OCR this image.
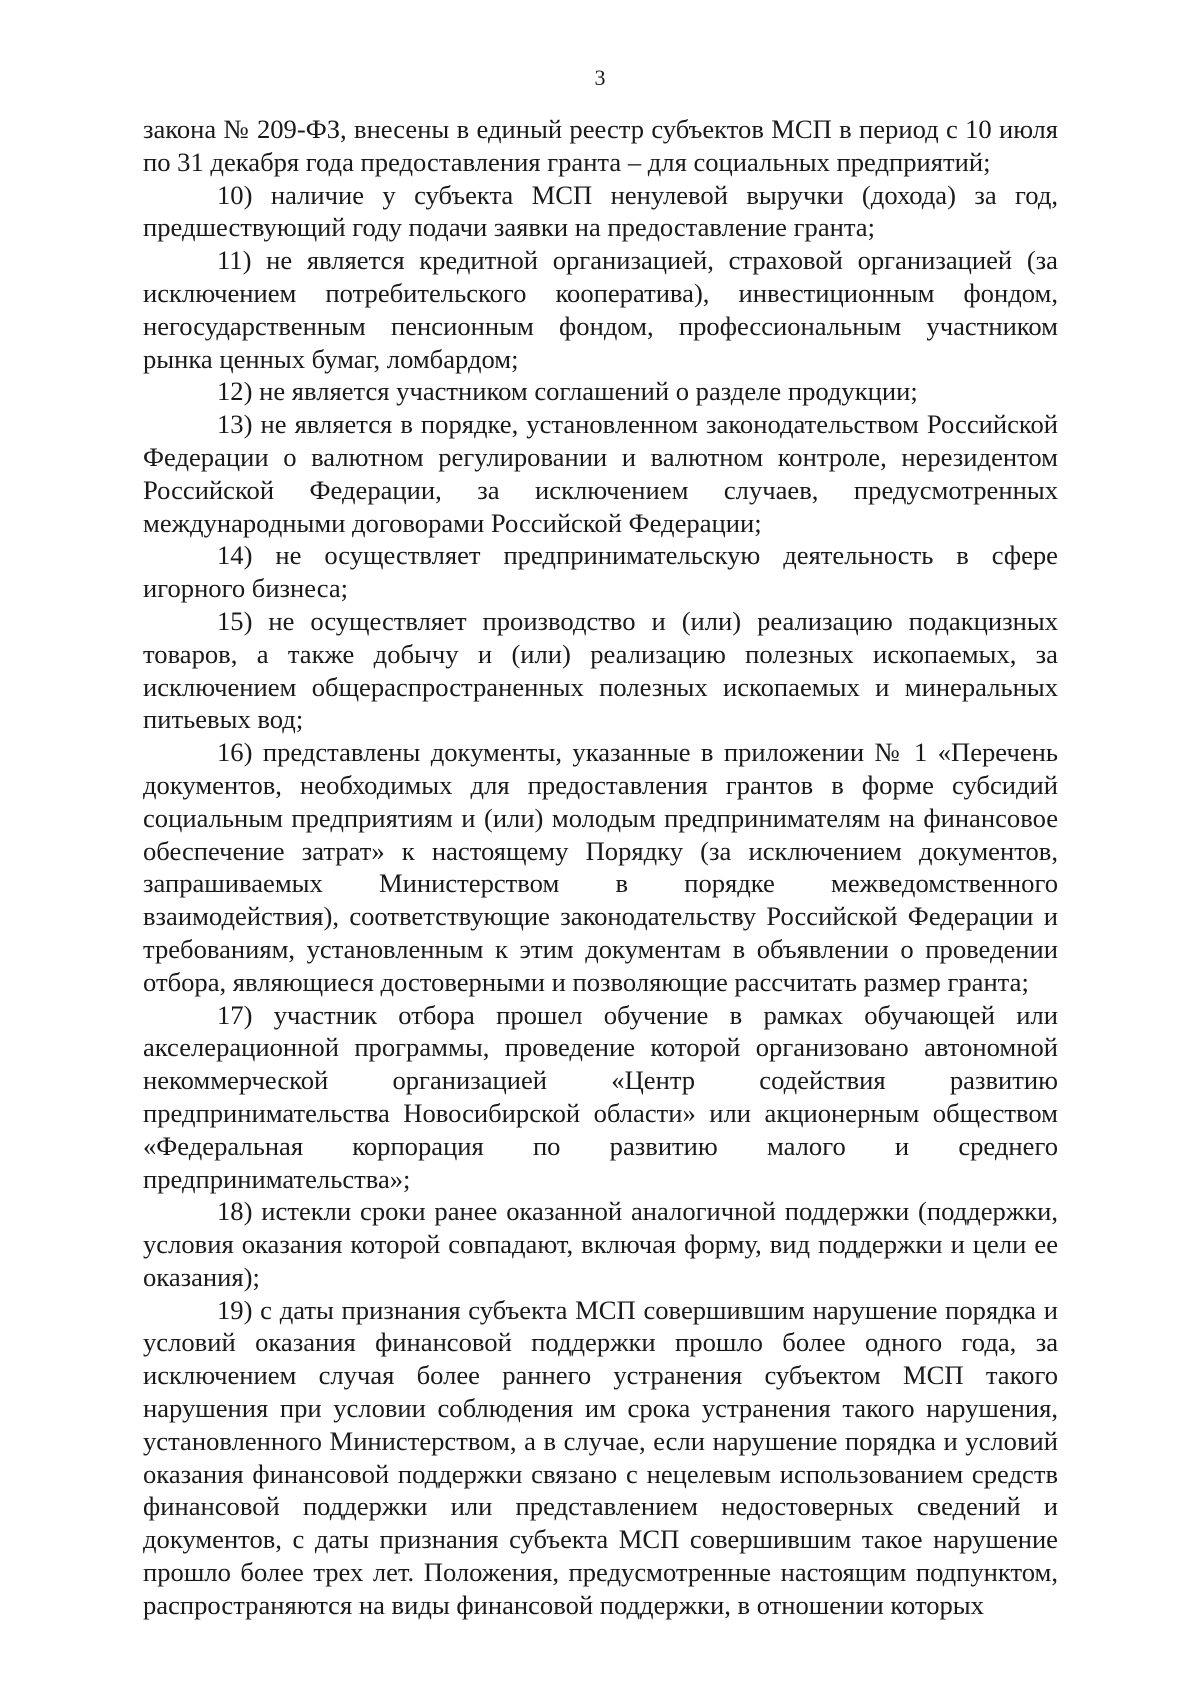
3

закона № 209-ФЗ, внесены в единый реестр субъектов МСП в период с 10 июля по 31 декабря года предоставления гранта – для социальных предприятий;

10) наличие у субъекта МСП ненулевой выручки (дохода) за год, предшествующий году подачи заявки на предоставление гранта;

11) не является кредитной организацией, страховой организацией (за исключением потребительского кооператива), инвестиционным фондом, негосударственным пенсионным фондом, профессиональным участником рынка ценных бумаг, ломбардом;

12) не является участником соглашений о разделе продукции;

13) не является в порядке, установленном законодательством Российской Федерации о валютном регулировании и валютном контроле, нерезидентом Российской Федерации, за исключением случаев, предусмотренных международными договорами Российской Федерации;

14) не осуществляет предпринимательскую деятельность в сфере игорного бизнеса;

15) не осуществляет производство и (или) реализацию подакцизных товаров, а также добычу и (или) реализацию полезных ископаемых, за исключением общераспространенных полезных ископаемых и минеральных питьевых вод;

16) представлены документы, указанные в приложении № 1 «Перечень документов, необходимых для предоставления грантов в форме субсидий социальным предприятиям и (или) молодым предпринимателям на финансовое обеспечение затрат» к настоящему Порядку (за исключением документов, запрашиваемых Министерством в порядке межведомственного взаимодействия), соответствующие законодательству Российской Федерации и требованиям, установленным к этим документам в объявлении о проведении отбора, являющиеся достоверными и позволяющие рассчитать размер гранта;

17) участник отбора прошел обучение в рамках обучающей или акселерационной программы, проведение которой организовано автономной некоммерческой организацией «Центр содействия развитию предпринимательства Новосибирской области» или акционерным обществом «Федеральная корпорация по развитию малого и среднего предпринимательства»;

18) истекли сроки ранее оказанной аналогичной поддержки (поддержки, условия оказания которой совпадают, включая форму, вид поддержки и цели ее оказания);

19) с даты признания субъекта МСП совершившим нарушение порядка и условий оказания финансовой поддержки прошло более одного года, за исключением случая более раннего устранения субъектом МСП такого нарушения при условии соблюдения им срока устранения такого нарушения, установленного Министерством, а в случае, если нарушение порядка и условий оказания финансовой поддержки связано с нецелевым использованием средств финансовой поддержки или представлением недостоверных сведений и документов, с даты признания субъекта МСП совершившим такое нарушение прошло более трех лет. Положения, предусмотренные настоящим подпунктом, распространяются на виды финансовой поддержки, в отношении которых
